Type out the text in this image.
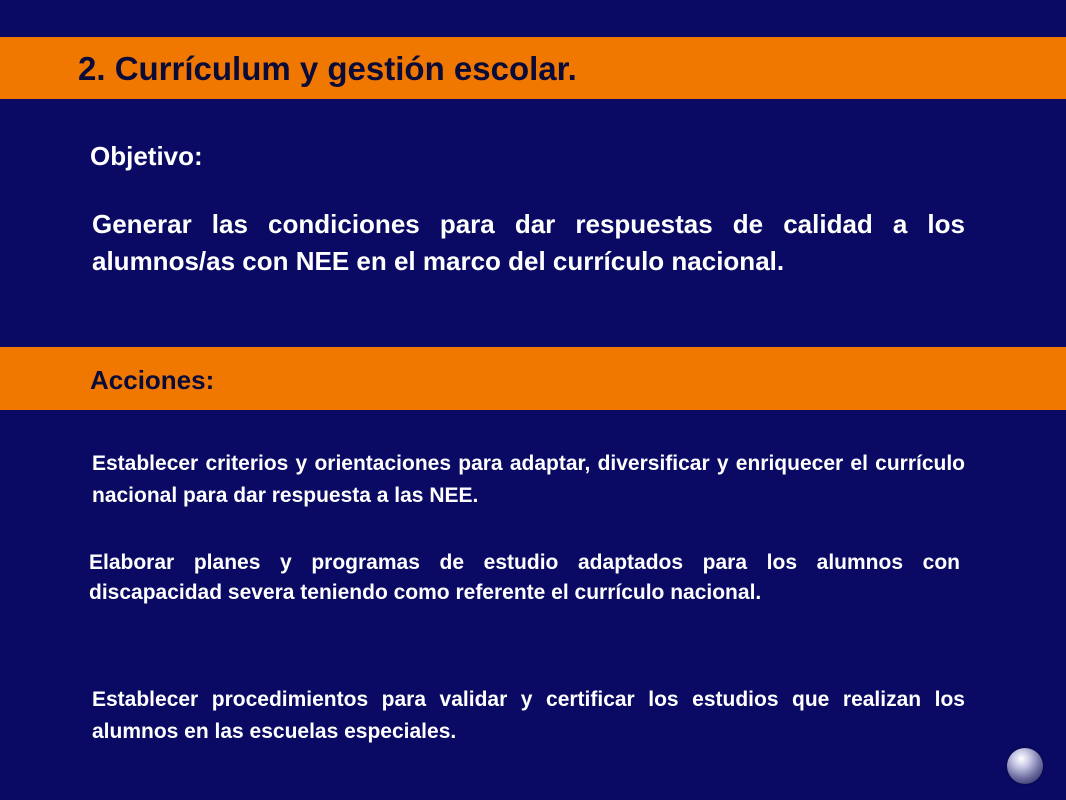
2. Currículum y gestión escolar.
Objetivo:
Generar las condiciones para dar respuestas de calidad a los alumnos/as con NEE en el marco del currículo nacional.
Acciones:
Establecer criterios y orientaciones para adaptar, diversificar y enriquecer el currículo nacional para dar respuesta a las NEE.
Elaborar planes y programas de estudio adaptados para los alumnos con discapacidad severa teniendo como referente el currículo nacional.
Establecer procedimientos para validar y certificar los estudios que realizan los alumnos en las escuelas especiales.
